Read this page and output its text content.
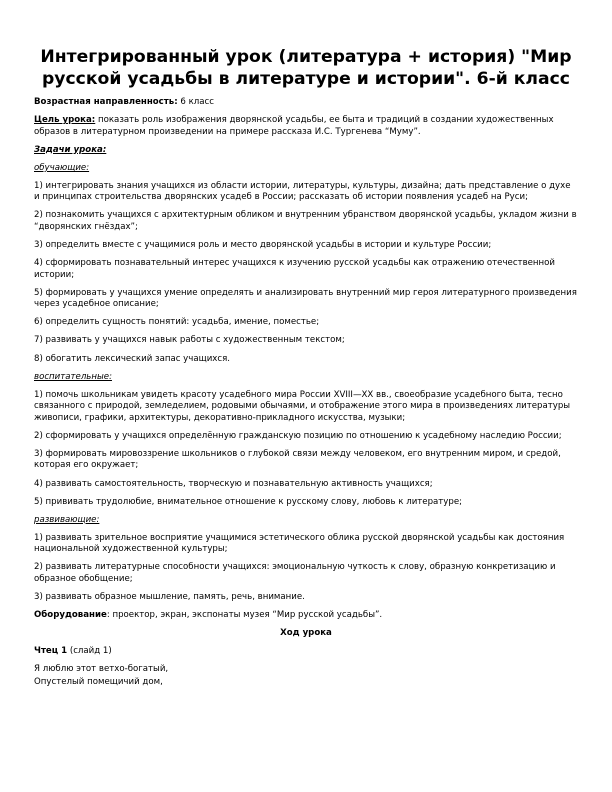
Интегрированный урок (литература + история) "Мир русской усадьбы в литературе и истории". 6-й класс

Возрастная направленность: 6 класс

Цель урока: показать роль изображения дворянской усадьбы, ее быта и традиций в создании художественных образов в литературном произведении на примере рассказа И.С. Тургенева “Муму”.

Задачи урока:

обучающие:

1) интегрировать знания учащихся из области истории, литературы, культуры, дизайна; дать представление о духе и принципах строительства дворянских усадеб в России; рассказать об истории появления усадеб на Руси;

2) познакомить учащихся с архитектурным обликом и внутренним убранством дворянской усадьбы, укладом жизни в “дворянских гнёздах”;

3) определить вместе с учащимися роль и место дворянской усадьбы в истории и культуре России;

4) сформировать познавательный интерес учащихся к изучению русской усадьбы как отражению отечественной истории;

5) формировать у учащихся умение определять и анализировать внутренний мир героя литературного произведения через усадебное описание;

6) определить сущность понятий: усадьба, имение, поместье;

7) развивать у учащихся навык работы с художественным текстом;

8) обогатить лексический запас учащихся.

воспитательные:

1) помочь школьникам увидеть красоту усадебного мира России XVIII—XX вв., своеобразие усадебного быта, тесно связанного с природой, земледелием, родовыми обычаями, и отображение этого мира в произведениях литературы живописи, графики, архитектуры, декоративно-прикладного искусства, музыки;

2) сформировать у учащихся определённую гражданскую позицию по отношению к усадебному наследию России;

3) формировать мировоззрение школьников о глубокой связи между человеком, его внутренним миром, и средой, которая его окружает;

4) развивать самостоятельность, творческую и познавательную активность учащихся;

5) прививать трудолюбие, внимательное отношение к русскому слову, любовь к литературе;

развивающие:

1) развивать зрительное восприятие учащимися эстетического облика русской дворянской усадьбы как достояния национальной художественной культуры;

2) развивать литературные способности учащихся: эмоциональную чуткость к слову, образную конкретизацию и образное обобщение;

3) развивать образное мышление, память, речь, внимание.

Оборудование: проектор, экран, экспонаты музея “Мир русской усадьбы”.

Ход урока

Чтец 1 (слайд 1)

Я люблю этот ветхо-богатый,

Опустелый помещичий дом,
